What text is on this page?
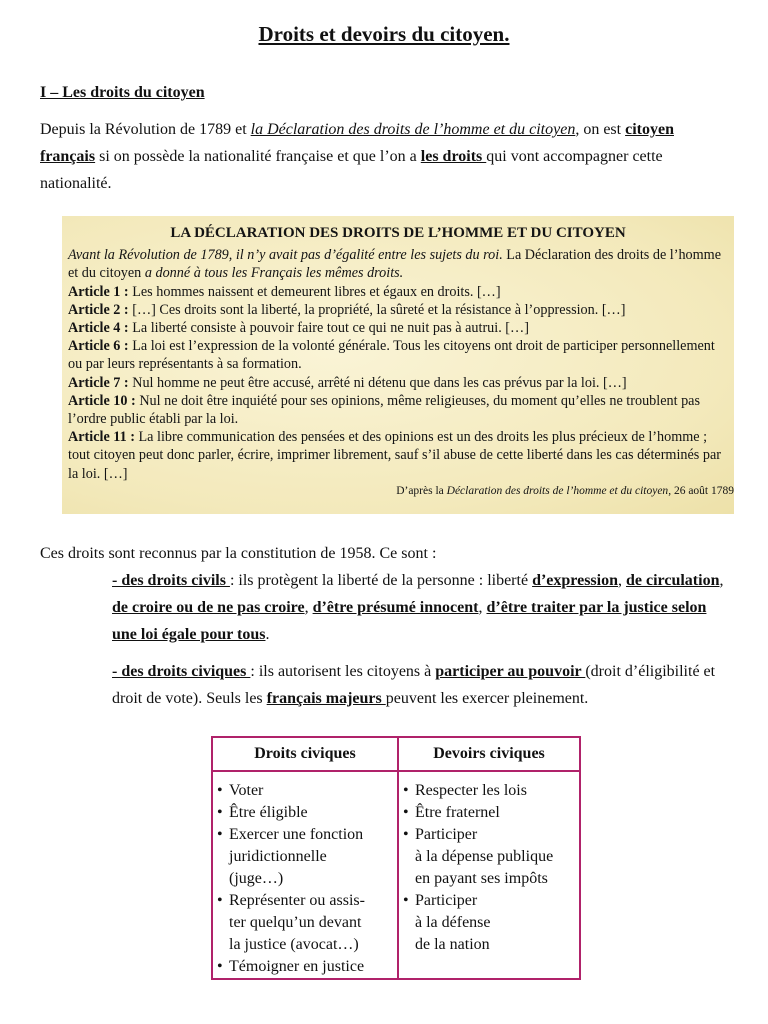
Droits et devoirs du citoyen.
I – Les droits du citoyen
Depuis la Révolution de 1789 et la Déclaration des droits de l’homme et du citoyen, on est citoyen français si on possède la nationalité française et que l’on a les droits qui vont accompagner cette nationalité.
LA DÉCLARATION DES DROITS DE L’HOMME ET DU CITOYEN
Avant la Révolution de 1789, il n’y avait pas d’égalité entre les sujets du roi. La Déclaration des droits de l’homme et du citoyen a donné à tous les Français les mêmes droits.
Article 1 : Les hommes naissent et demeurent libres et égaux en droits. […]
Article 2 : […] Ces droits sont la liberté, la propriété, la sûreté et la résistance à l’oppression. […]
Article 4 : La liberté consiste à pouvoir faire tout ce qui ne nuit pas à autrui. […]
Article 6 : La loi est l’expression de la volonté générale. Tous les citoyens ont droit de participer personnellement ou par leurs représentants à sa formation.
Article 7 : Nul homme ne peut être accusé, arrêté ni détenu que dans les cas prévus par la loi. […]
Article 10 : Nul ne doit être inquiété pour ses opinions, même religieuses, du moment qu’elles ne troublent pas l’ordre public établi par la loi.
Article 11 : La libre communication des pensées et des opinions est un des droits les plus précieux de l’homme ; tout citoyen peut donc parler, écrire, imprimer librement, sauf s’il abuse de cette liberté dans les cas déterminés par la loi. […]
D’après la Déclaration des droits de l’homme et du citoyen, 26 août 1789
Ces droits sont reconnus par la constitution de 1958. Ce sont :
- des droits civils : ils protègent la liberté de la personne : liberté d’expression, de circulation, de croire ou de ne pas croire, d’être présumé innocent, d’être traiter par la justice selon une loi égale pour tous.
- des droits civiques : ils autorisent les citoyens à participer au pouvoir (droit d’éligibilité et droit de vote). Seuls les français majeurs peuvent les exercer pleinement.
Droits civiques
• Voter
• Être éligible
• Exercer une fonction
juridictionnelle
(juge…)
• Représenter ou assis-
ter quelqu’un devant
la justice (avocat…)
• Témoigner en justice
Devoirs civiques
• Respecter les lois
• Être fraternel
• Participer
à la dépense publique
en payant ses impôts
• Participer
à la défense
de la nation
